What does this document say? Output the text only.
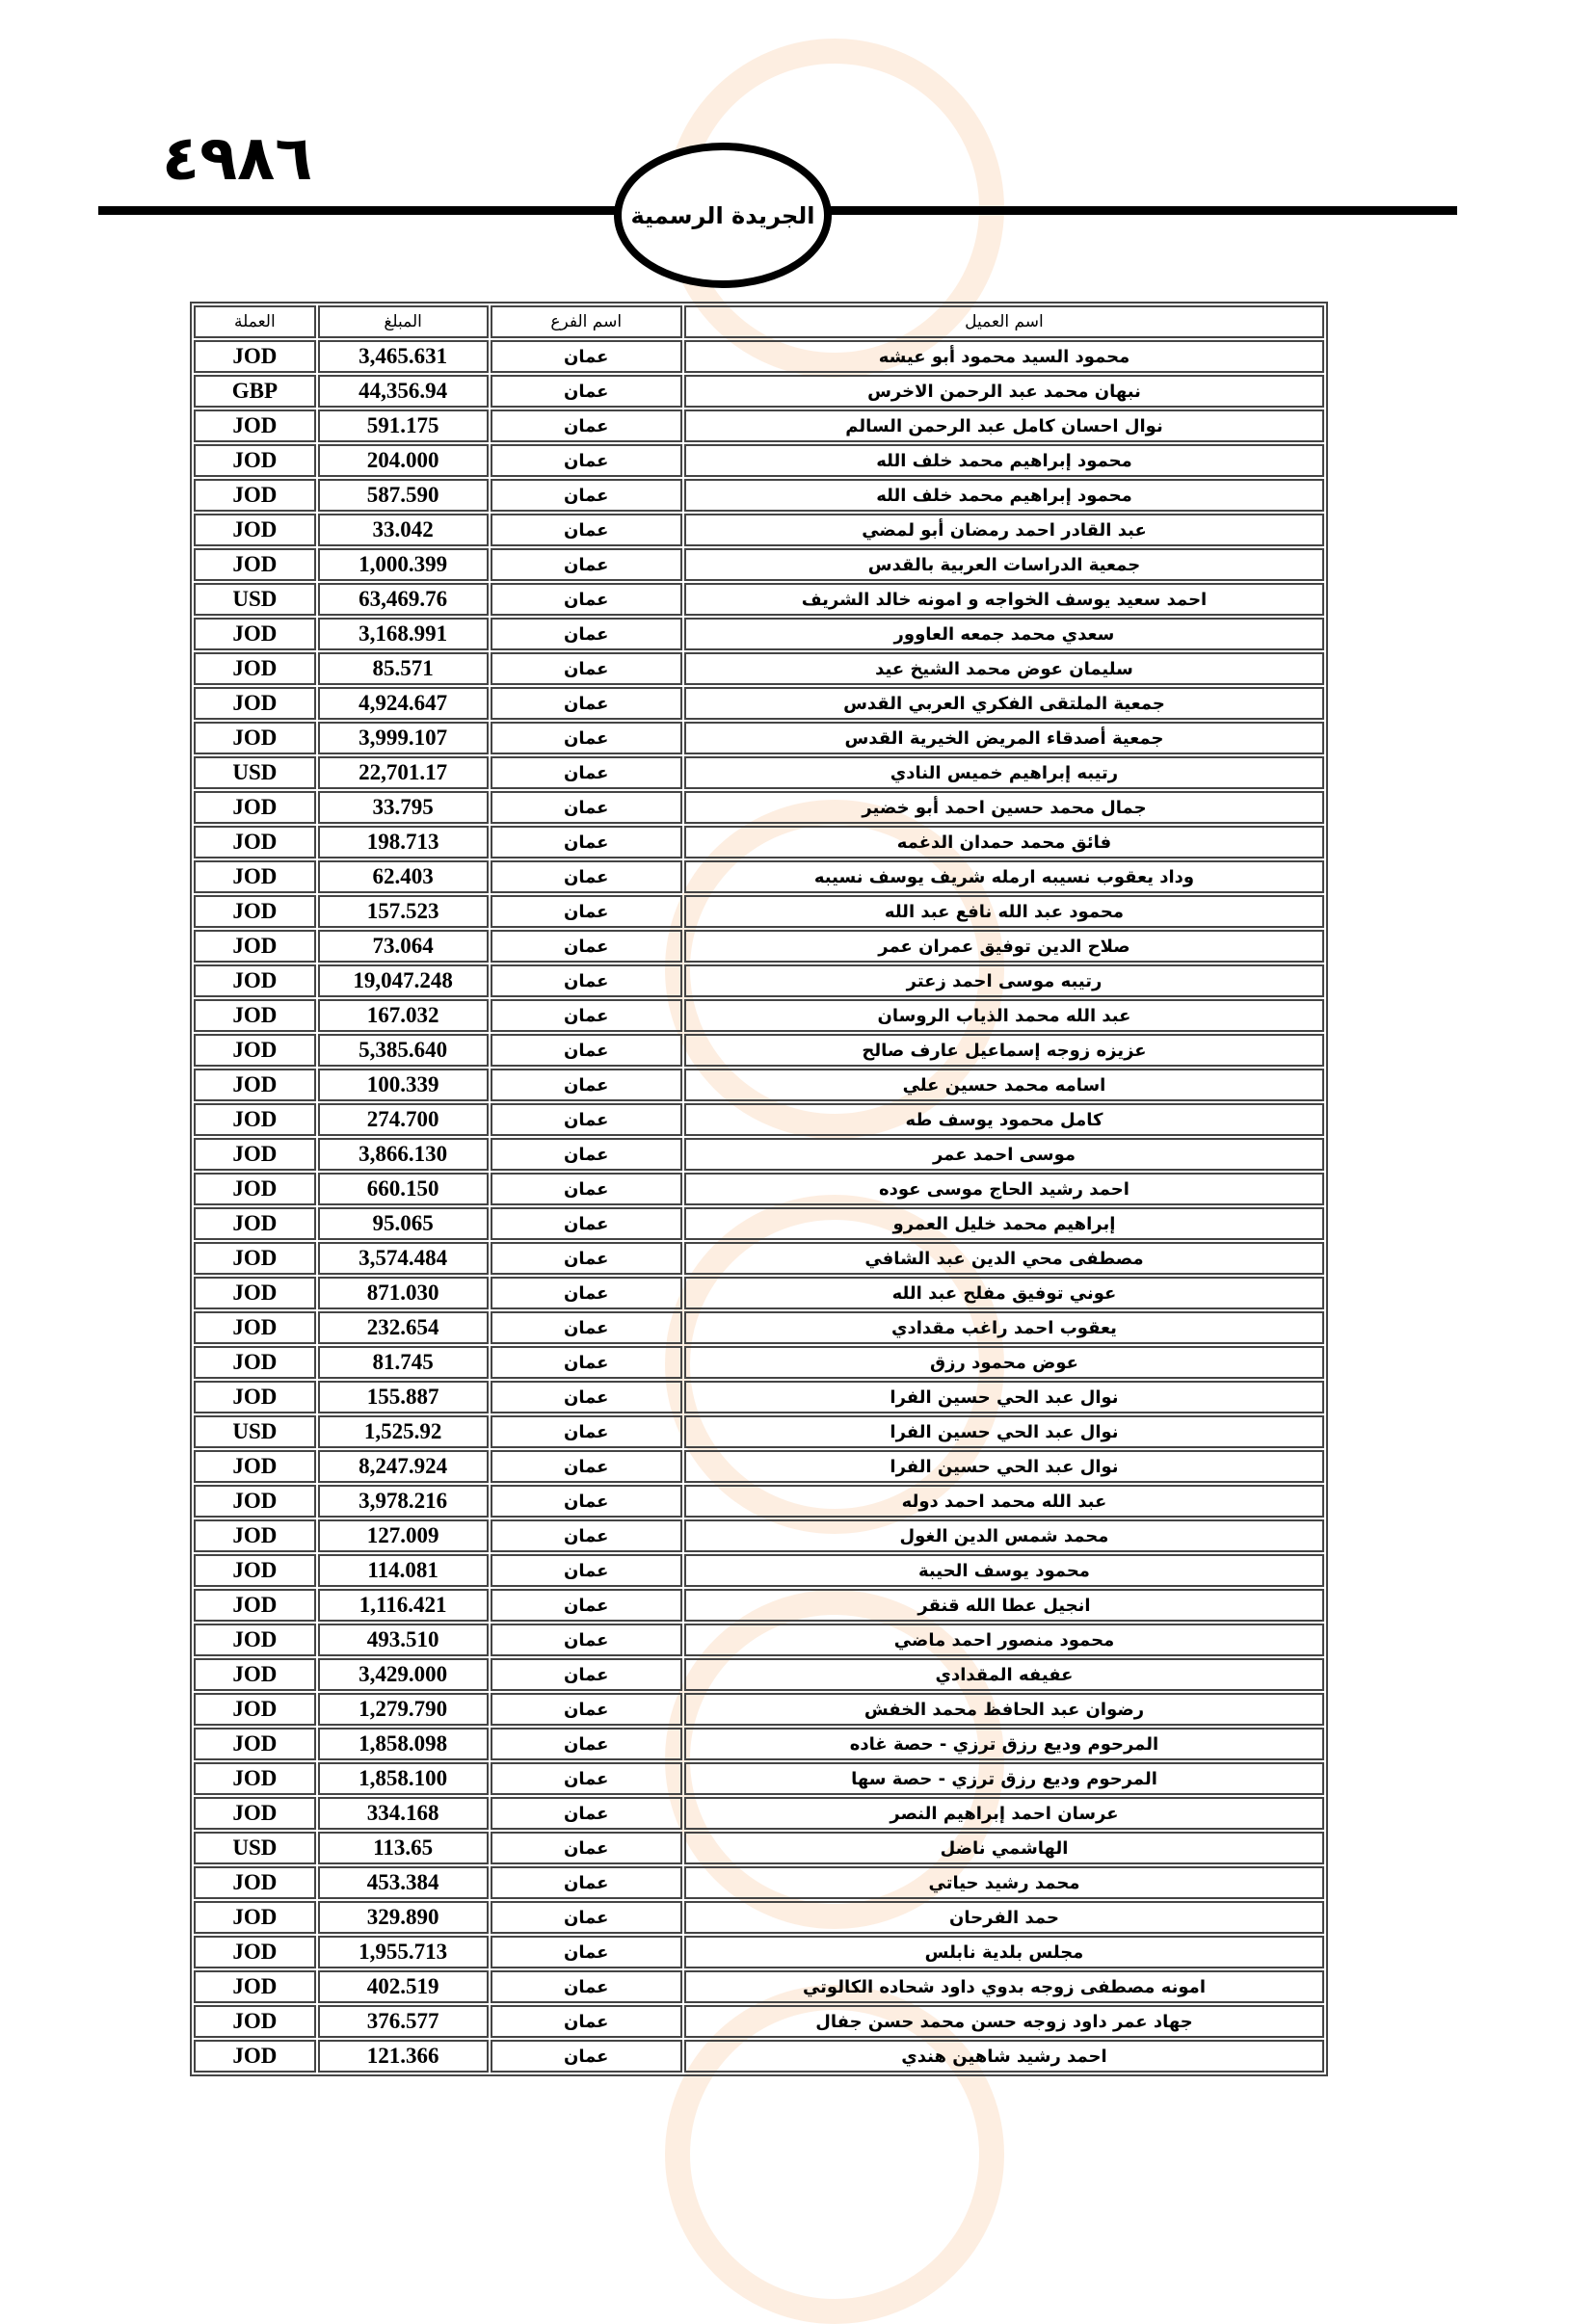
٤٩٨٦
الجريدة الرسمية
اسم العميل	اسم الفرع	المبلغ	العملة
محمود السيد محمود أبو عيشه	عمان	3,465.631	JOD
نبهان محمد عبد الرحمن الاخرس	عمان	44,356.94	GBP
نوال احسان كامل عبد الرحمن السالم	عمان	591.175	JOD
محمود إبراهيم محمد خلف الله	عمان	204.000	JOD
محمود إبراهيم محمد خلف الله	عمان	587.590	JOD
عبد القادر احمد رمضان أبو لمضي	عمان	33.042	JOD
جمعية الدراسات العربية بالقدس	عمان	1,000.399	JOD
احمد سعيد يوسف الخواجه و امونه خالد الشريف	عمان	63,469.76	USD
سعدي محمد جمعه العاوور	عمان	3,168.991	JOD
سليمان عوض محمد الشيخ عيد	عمان	85.571	JOD
جمعية الملتقى الفكري العربي القدس	عمان	4,924.647	JOD
جمعية أصدقاء المريض الخيرية القدس	عمان	3,999.107	JOD
رتيبه إبراهيم خميس النادي	عمان	22,701.17	USD
جمال محمد حسين احمد أبو خضير	عمان	33.795	JOD
فائق محمد حمدان الدغمه	عمان	198.713	JOD
وداد يعقوب نسيبه ارمله شريف يوسف نسيبه	عمان	62.403	JOD
محمود عبد الله نافع عبد الله	عمان	157.523	JOD
صلاح الدين توفيق عمران عمر	عمان	73.064	JOD
رتيبه موسى احمد زعتر	عمان	19,047.248	JOD
عبد الله محمد الذياب الروسان	عمان	167.032	JOD
عزيزه زوجه إسماعيل عارف صالح	عمان	5,385.640	JOD
اسامه محمد حسين علي	عمان	100.339	JOD
كامل محمود يوسف طه	عمان	274.700	JOD
موسى احمد عمر	عمان	3,866.130	JOD
احمد رشيد الحاج موسى عوده	عمان	660.150	JOD
إبراهيم محمد خليل العمرو	عمان	95.065	JOD
مصطفى محي الدين عبد الشافي	عمان	3,574.484	JOD
عوني توفيق مفلح عبد الله	عمان	871.030	JOD
يعقوب احمد راغب مقدادي	عمان	232.654	JOD
عوض محمود رزق	عمان	81.745	JOD
نوال عبد الحي حسين الفرا	عمان	155.887	JOD
نوال عبد الحي حسين الفرا	عمان	1,525.92	USD
نوال عبد الحي حسين الفرا	عمان	8,247.924	JOD
عبد الله محمد احمد دوله	عمان	3,978.216	JOD
محمد شمس الدين الغول	عمان	127.009	JOD
محمود يوسف الحيبة	عمان	114.081	JOD
انجيل عطا الله قنقر	عمان	1,116.421	JOD
محمود منصور احمد ماضي	عمان	493.510	JOD
عفيفه المقدادي	عمان	3,429.000	JOD
رضوان عبد الحافظ محمد الخفش	عمان	1,279.790	JOD
المرحوم وديع رزق ترزي - حصة غاده	عمان	1,858.098	JOD
المرحوم وديع رزق ترزي - حصة سها	عمان	1,858.100	JOD
عرسان احمد إبراهيم النصر	عمان	334.168	JOD
الهاشمي ناضل	عمان	113.65	USD
محمد رشيد حياتي	عمان	453.384	JOD
حمد الفرحان	عمان	329.890	JOD
مجلس بلدية نابلس	عمان	1,955.713	JOD
امونه مصطفى زوجه بدوي داود شحاده الكالوتي	عمان	402.519	JOD
جهاد عمر داود زوجه حسن محمد حسن جفال	عمان	376.577	JOD
احمد رشيد شاهين هندي	عمان	121.366	JOD
